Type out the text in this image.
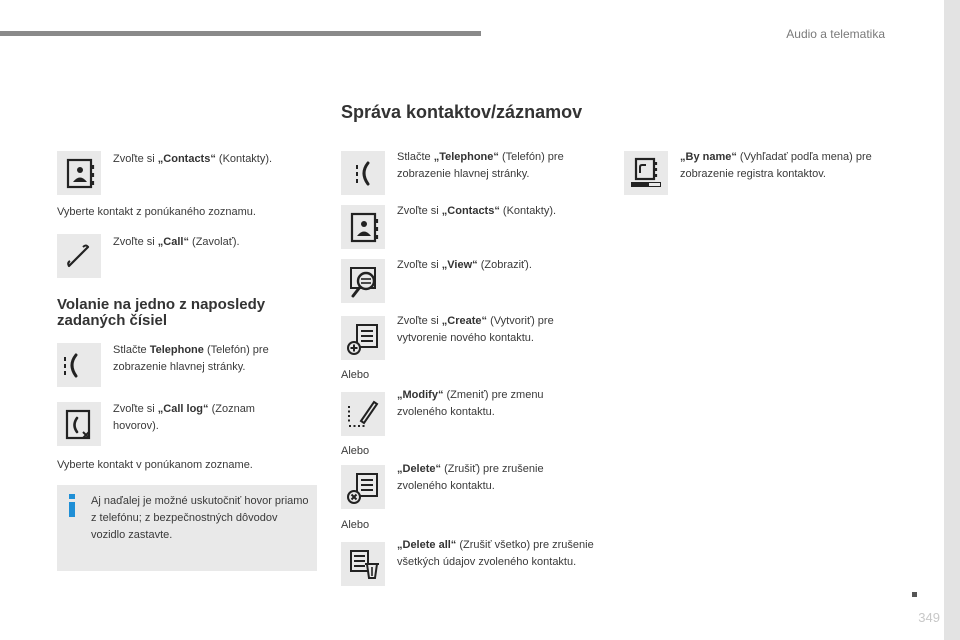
Audio a telematika
Správa kontaktov/záznamov
Zvoľte si „Contacts“ (Kontakty).
Vyberte kontakt z ponúkaného zoznamu.
Zvoľte si „Call“ (Zavolať).
Volanie na jedno z naposledy zadaných čísiel
Stlačte Telephone (Telefón) pre zobrazenie hlavnej stránky.
Zvoľte si „Call log“ (Zoznam hovorov).
Vyberte kontakt v ponúkanom zozname.
Aj naďalej je možné uskutočniť hovor priamo z telefónu; z bezpečnostných dôvodov vozidlo zastavte.
Stlačte „Telephone“ (Telefón) pre zobrazenie hlavnej stránky.
Zvoľte si „Contacts“ (Kontakty).
Zvoľte si „View“ (Zobraziť).
Zvoľte si „Create“ (Vytvoriť) pre vytvorenie nového kontaktu.
Alebo
„Modify“ (Zmeniť) pre zmenu zvoleného kontaktu.
Alebo
„Delete“ (Zrušiť) pre zrušenie zvoleného kontaktu.
Alebo
„Delete all“ (Zrušiť všetko) pre zrušenie všetkých údajov zvoleného kontaktu.
„By name“ (Vyhľadať podľa mena) pre zobrazenie registra kontaktov.
349
